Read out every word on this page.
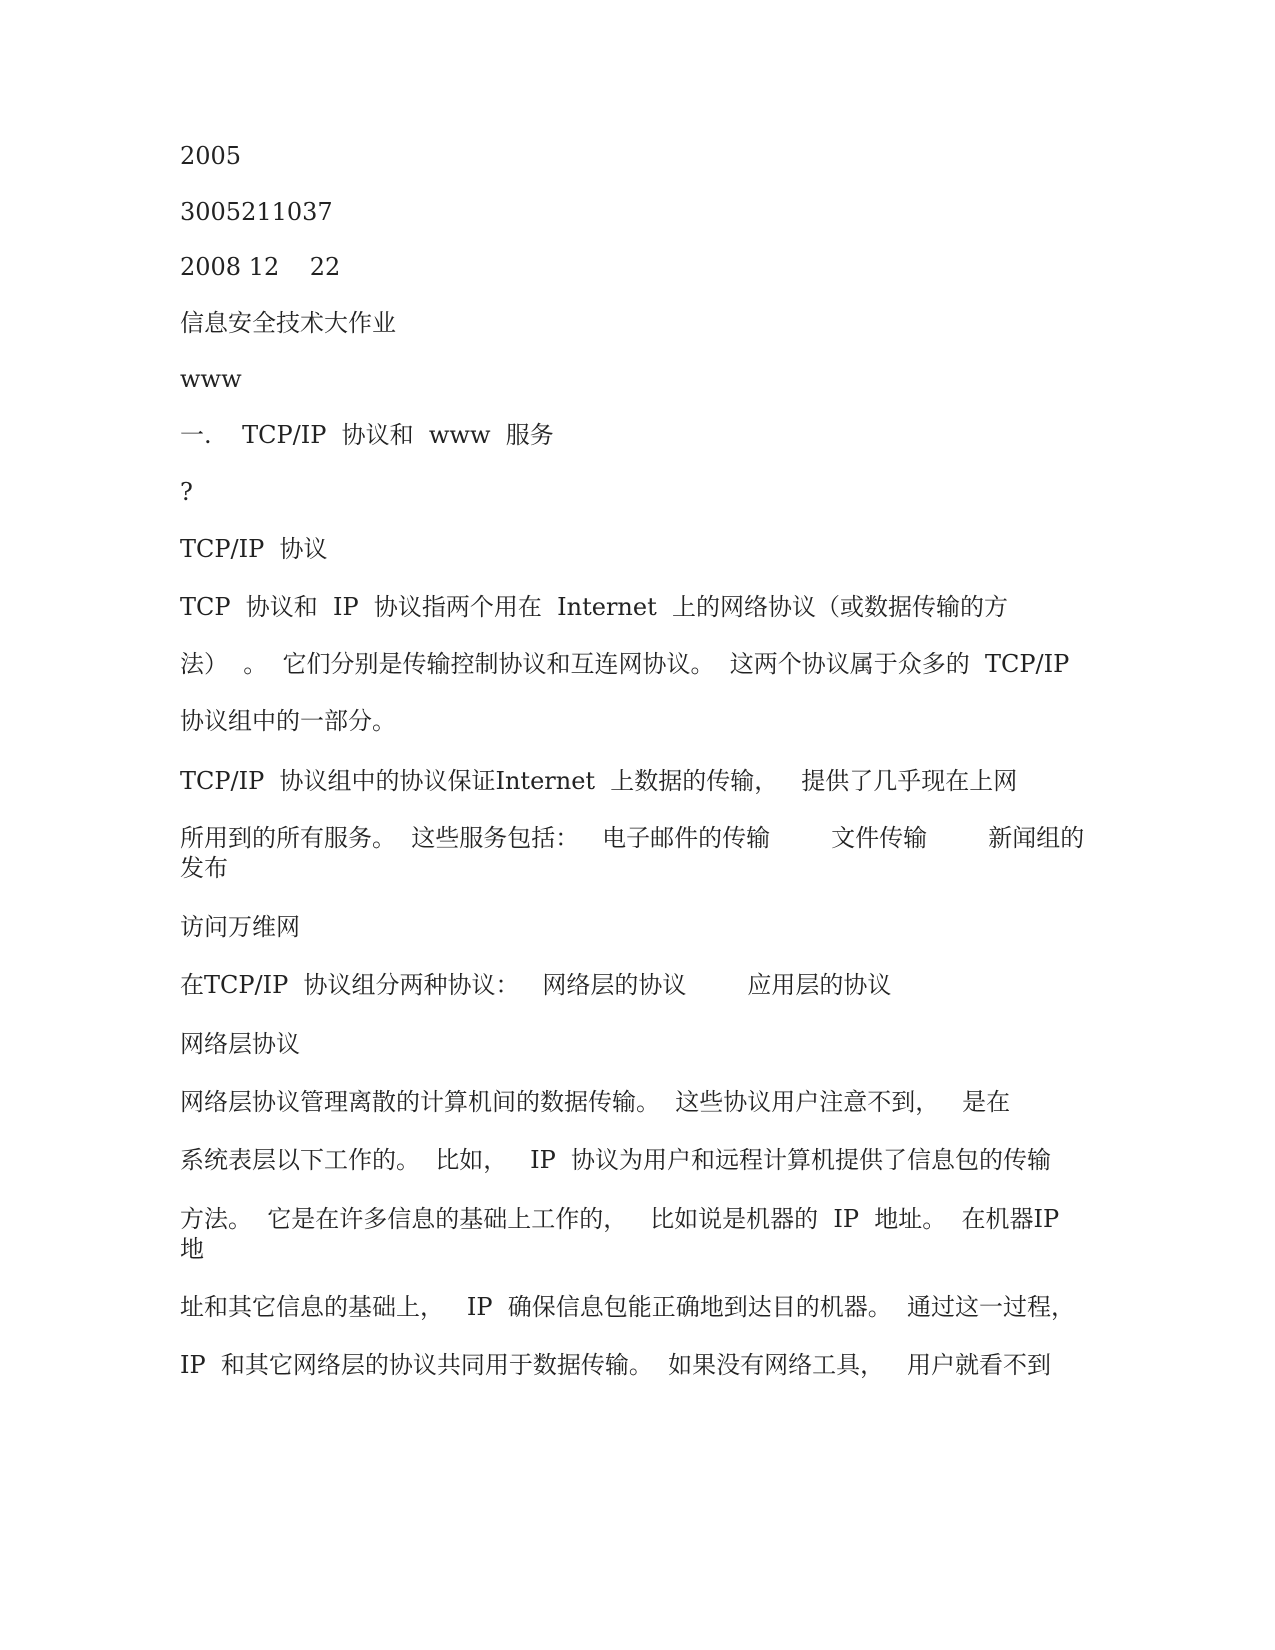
2005

3005211037

2008 12    22

信息安全技术大作业

www

一.    TCP/IP  协议和  www  服务

?

TCP/IP  协议

TCP  协议和  IP  协议指两个用在  Internet  上的网络协议（或数据传输的方

法）  。  它们分别是传输控制协议和互连网协议。  这两个协议属于众多的  TCP/IP

协议组中的一部分。

TCP/IP  协议组中的协议保证Internet  上数据的传输，   提供了几乎现在上网

所用到的所有服务。  这些服务包括：   电子邮件的传输        文件传输        新闻组的

发布

访问万维网

在TCP/IP  协议组分两种协议：   网络层的协议        应用层的协议

网络层协议

网络层协议管理离散的计算机间的数据传输。  这些协议用户注意不到，   是在

系统表层以下工作的。  比如，   IP  协议为用户和远程计算机提供了信息包的传输

方法。  它是在许多信息的基础上工作的，   比如说是机器的  IP  地址。  在机器IP

地

址和其它信息的基础上，   IP  确保信息包能正确地到达目的机器。  通过这一过程，

IP  和其它网络层的协议共同用于数据传输。  如果没有网络工具，   用户就看不到
